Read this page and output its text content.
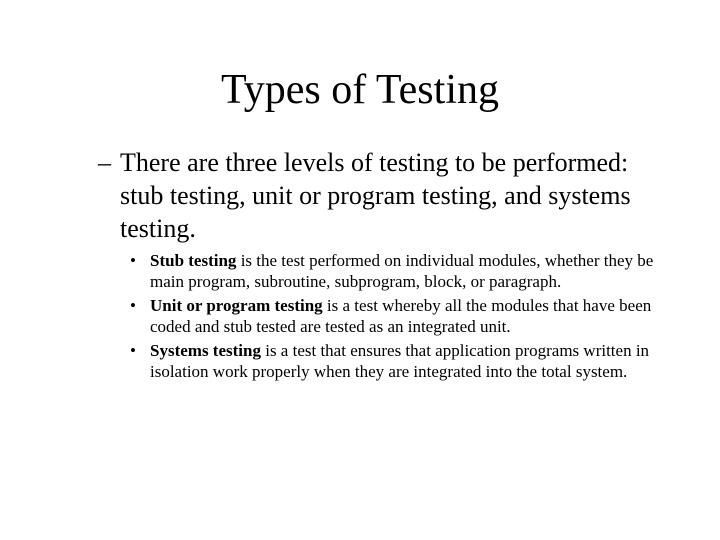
Types of Testing
– There are three levels of testing to be performed: stub testing, unit or program testing, and systems testing.
• Stub testing is the test performed on individual modules, whether they be main program, subroutine, subprogram, block, or paragraph.
• Unit or program testing is a test whereby all the modules that have been coded and stub tested are tested as an integrated unit.
• Systems testing is a test that ensures that application programs written in isolation work properly when they are integrated into the total system.
